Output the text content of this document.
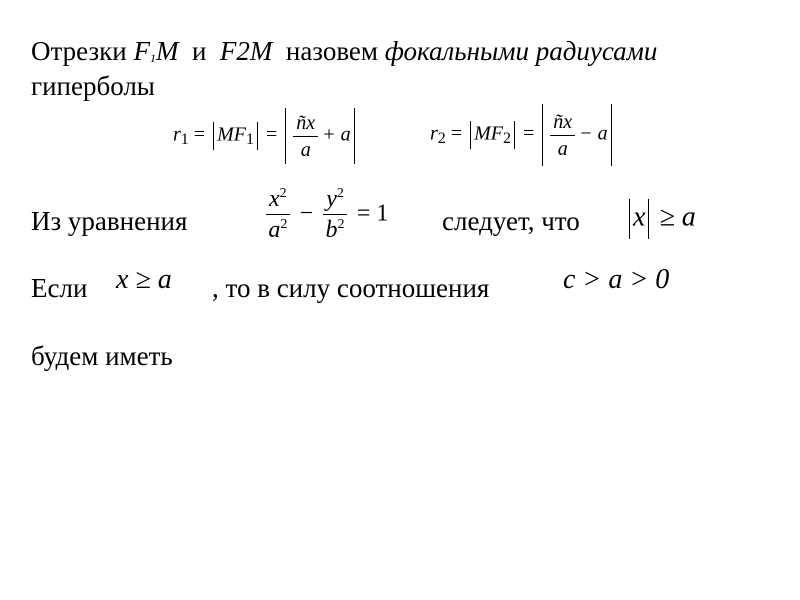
Отрезки F1M  и  F2M  назовем фокальными радиусами
гиперболы
$r1 = MF1 = \frac{ñx}{a} + a$	$r2 = MF2 = \frac{ñx}{a} - a$
Из уравнения	$\frac{x^2}{a^2} - \frac{y^2}{b^2} = 1$ следует, что x ≥ a
Если x ≥ a , то в силу соотношения	c > a > 0
будем иметь
